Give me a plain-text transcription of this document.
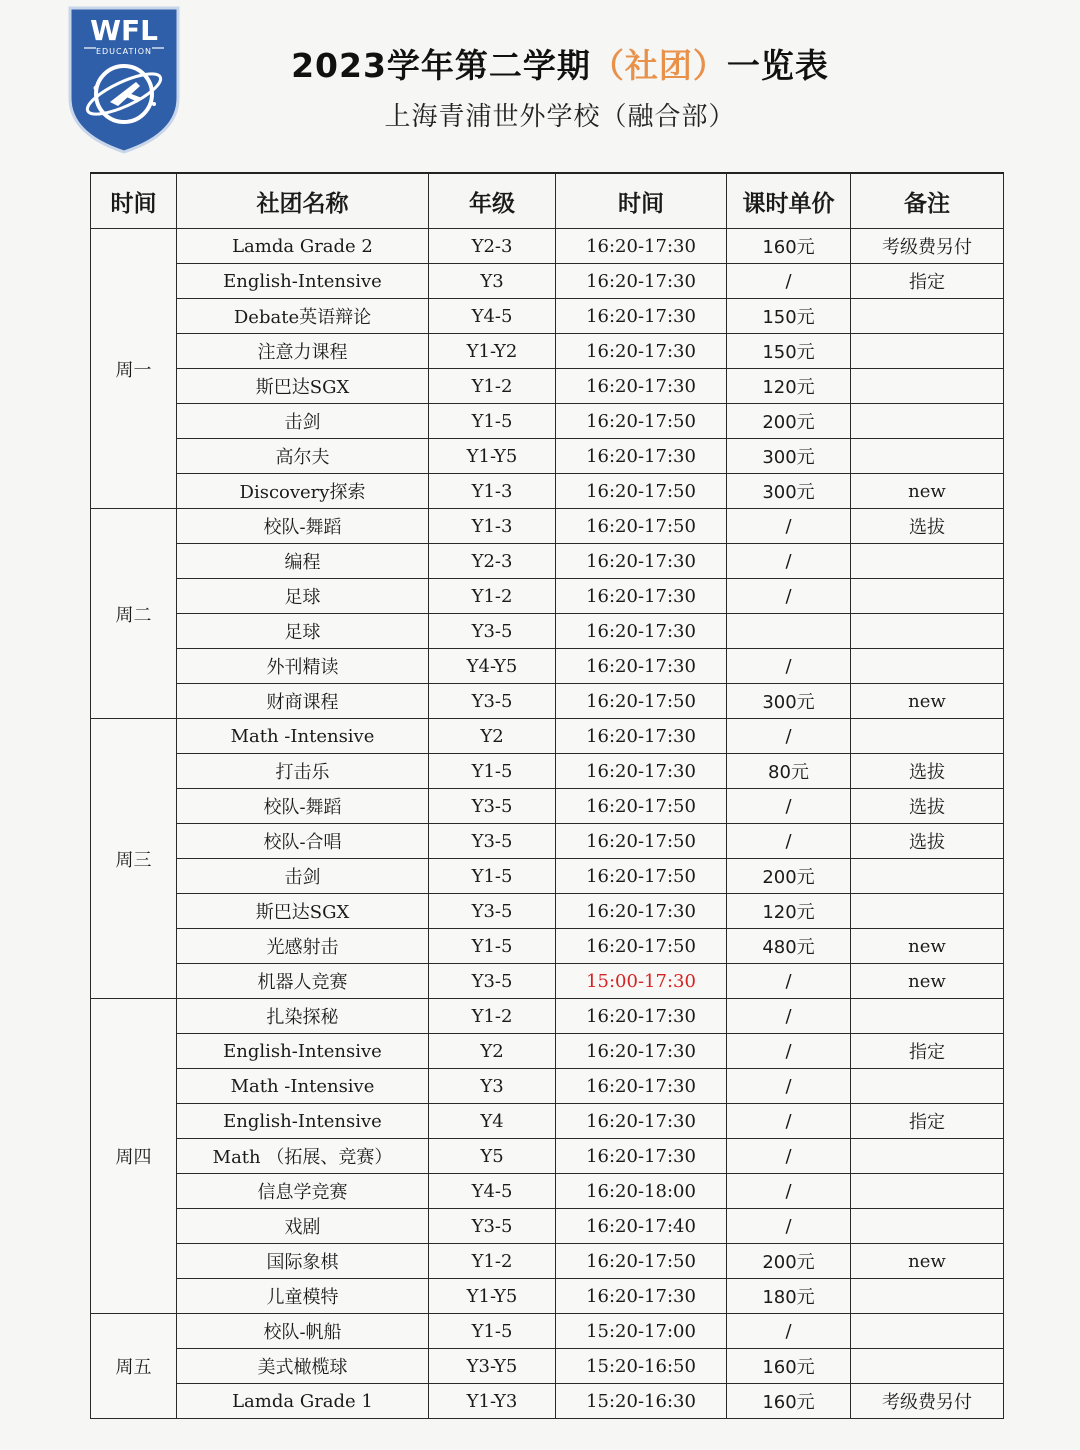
WFL
EDUCATION	2023学年第二学期（社团）一览表
上海青浦世外学校（融合部）
时间	社团名称	年级	时间	课时单价	备注
周一	Lamda Grade 2	Y2-3	16:20-17:30	160元	考级费另付
	English-Intensive	Y3	16:20-17:30	/	指定
	Debate英语辩论	Y4-5	16:20-17:30	150元	
	注意力课程	Y1-Y2	16:20-17:30	150元	
	斯巴达SGX	Y1-2	16:20-17:30	120元	
	击剑	Y1-5	16:20-17:50	200元	
	高尔夫	Y1-Y5	16:20-17:30	300元	
	Discovery探索	Y1-3	16:20-17:50	300元	new
周二	校队-舞蹈	Y1-3	16:20-17:50	/	选拔
	编程	Y2-3	16:20-17:30	/	
	足球	Y1-2	16:20-17:30	/	
	足球	Y3-5	16:20-17:30		
	外刊精读	Y4-Y5	16:20-17:30	/	
	财商课程	Y3-5	16:20-17:50	300元	new
周三	Math -Intensive	Y2	16:20-17:30	/	
	打击乐	Y1-5	16:20-17:30	80元	选拔
	校队-舞蹈	Y3-5	16:20-17:50	/	选拔
	校队-合唱	Y3-5	16:20-17:50	/	选拔
	击剑	Y1-5	16:20-17:50	200元	
	斯巴达SGX	Y3-5	16:20-17:30	120元	
	光感射击	Y1-5	16:20-17:50	480元	new
	机器人竞赛	Y3-5	15:00-17:30	/	new
周四	扎染探秘	Y1-2	16:20-17:30	/	
	English-Intensive	Y2	16:20-17:30	/	指定
	Math -Intensive	Y3	16:20-17:30	/	
	English-Intensive	Y4	16:20-17:30	/	指定
	Math （拓展、竞赛）	Y5	16:20-17:30	/	
	信息学竞赛	Y4-5	16:20-18:00	/	
	戏剧	Y3-5	16:20-17:40	/	
	国际象棋	Y1-2	16:20-17:50	200元	new
	儿童模特	Y1-Y5	16:20-17:30	180元	
周五	校队-帆船	Y1-5	15:20-17:00	/	
	美式橄榄球	Y3-Y5	15:20-16:50	160元	
	Lamda Grade 1	Y1-Y3	15:20-16:30	160元	考级费另付
